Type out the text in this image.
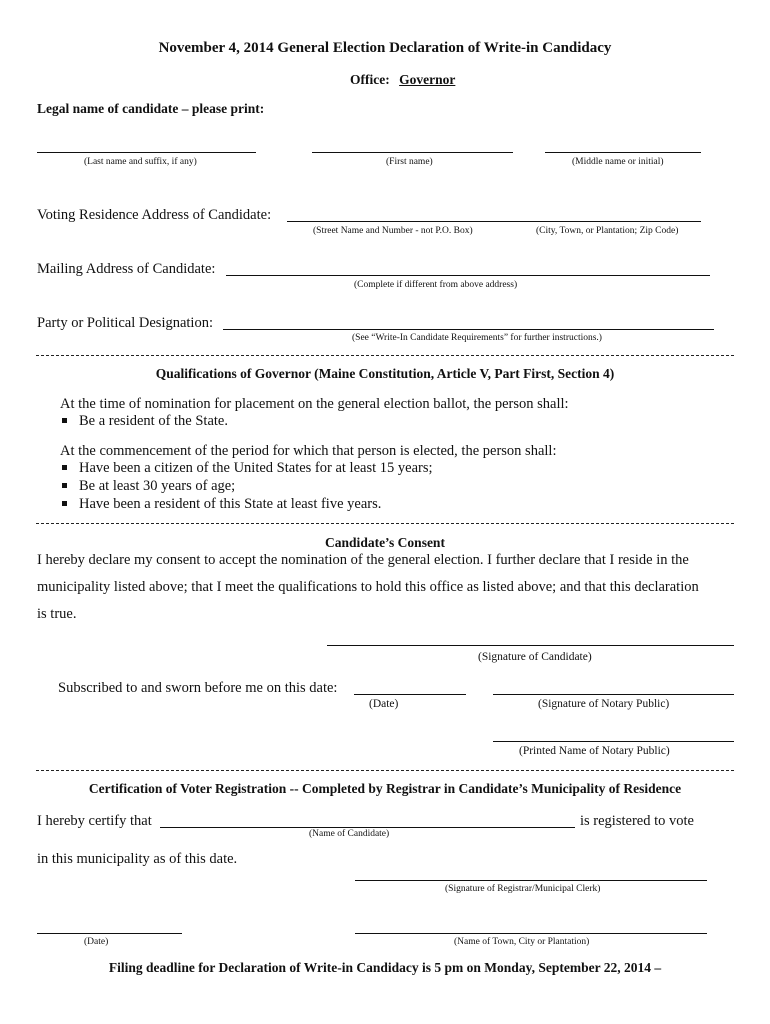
November 4, 2014 General Election Declaration of Write-in Candidacy
Office: Governor
Legal name of candidate – please print:
(Last name and suffix, if any)	(First name)	(Middle name or initial)
Voting Residence Address of Candidate:
(Street Name and Number - not P.O. Box)	(City, Town, or Plantation; Zip Code)
Mailing Address of Candidate:
(Complete if different from above address)
Party or Political Designation:
(See “Write-In Candidate Requirements” for further instructions.)
Qualifications of Governor (Maine Constitution, Article V, Part First, Section 4)
At the time of nomination for placement on the general election ballot, the person shall:
Be a resident of the State.
At the commencement of the period for which that person is elected, the person shall:
Have been a citizen of the United States for at least 15 years;
Be at least 30 years of age;
Have been a resident of this State at least five years.
Candidate’s Consent
I hereby declare my consent to accept the nomination of the general election. I further declare that I reside in the
municipality listed above; that I meet the qualifications to hold this office as listed above; and that this declaration
is true.
(Signature of Candidate)
Subscribed to and sworn before me on this date:
(Date)	(Signature of Notary Public)
(Printed Name of Notary Public)
Certification of Voter Registration -- Completed by Registrar in Candidate’s Municipality of Residence
I hereby certify that	is registered to vote
(Name of Candidate)
in this municipality as of this date.
(Signature of Registrar/Municipal Clerk)
(Date)	(Name of Town, City or Plantation)
Filing deadline for Declaration of Write-in Candidacy is 5 pm on Monday, September 22, 2014 –
